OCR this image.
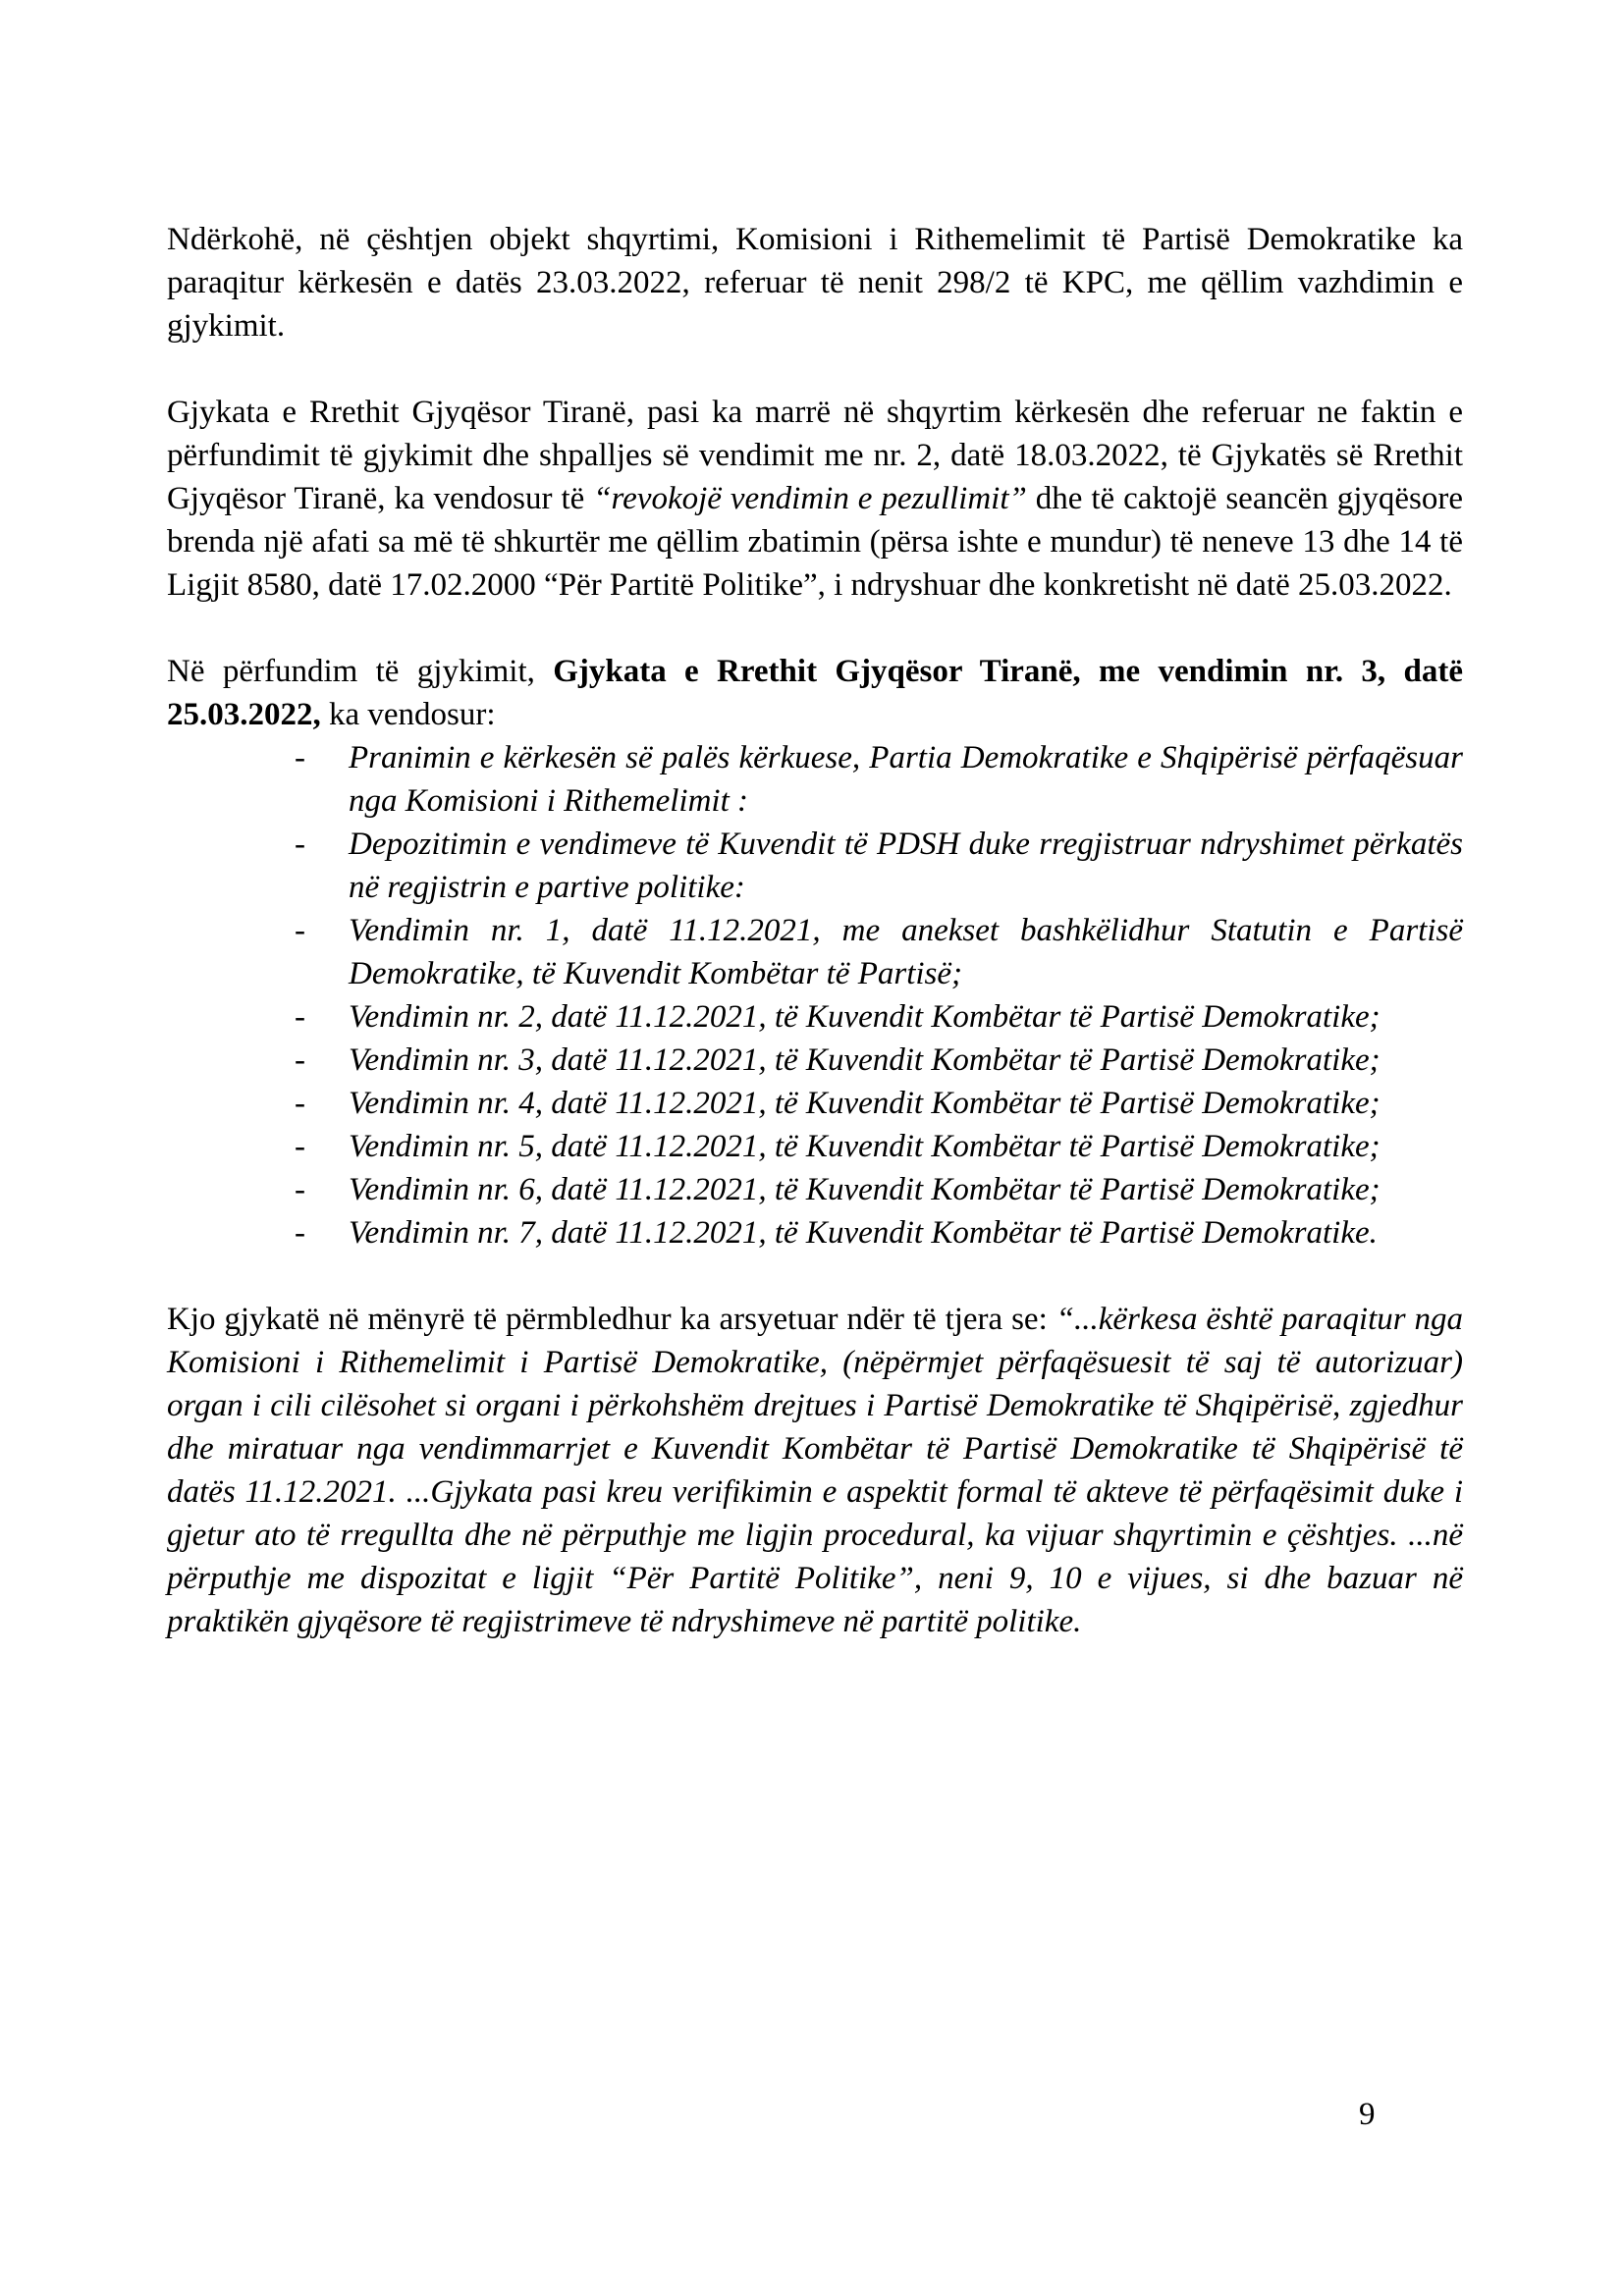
Ndërkohë, në çështjen objekt shqyrtimi, Komisioni i Rithemelimit të Partisë Demokratike ka paraqitur kërkesën e datës 23.03.2022, referuar të nenit 298/2 të KPC, me qëllim vazhdimin e gjykimit.

Gjykata e Rrethit Gjyqësor Tiranë, pasi ka marrë në shqyrtim kërkesën dhe referuar ne faktin e përfundimit të gjykimit dhe shpalljes së vendimit me nr. 2, datë 18.03.2022, të Gjykatës së Rrethit Gjyqësor Tiranë, ka vendosur të “revokojë vendimin e pezullimit” dhe të caktojë seancën gjyqësore brenda një afati sa më të shkurtër me qëllim zbatimin (përsa ishte e mundur) të neneve 13 dhe 14 të Ligjit 8580, datë 17.02.2000 “Për Partitë Politike”, i ndryshuar dhe konkretisht në datë 25.03.2022.

Në përfundim të gjykimit, Gjykata e Rrethit Gjyqësor Tiranë, me vendimin nr. 3, datë 25.03.2022, ka vendosur:

-	Pranimin e kërkesën së palës kërkuese, Partia Demokratike e Shqipërisë përfaqësuar nga Komisioni i Rithemelimit :
-	Depozitimin e vendimeve të Kuvendit të PDSH duke rregjistruar ndryshimet përkatës në regjistrin e partive politike:
-	Vendimin nr. 1, datë 11.12.2021, me anekset bashkëlidhur Statutin e Partisë Demokratike, të Kuvendit Kombëtar të Partisë;
-	Vendimin nr. 2, datë 11.12.2021, të Kuvendit Kombëtar të Partisë Demokratike;
-	Vendimin nr. 3, datë 11.12.2021, të Kuvendit Kombëtar të Partisë Demokratike;
-	Vendimin nr. 4, datë 11.12.2021, të Kuvendit Kombëtar të Partisë Demokratike;
-	Vendimin nr. 5, datë 11.12.2021, të Kuvendit Kombëtar të Partisë Demokratike;
-	Vendimin nr. 6, datë 11.12.2021, të Kuvendit Kombëtar të Partisë Demokratike;
-	Vendimin nr. 7, datë 11.12.2021, të Kuvendit Kombëtar të Partisë Demokratike.

Kjo gjykatë në mënyrë të përmbledhur ka arsyetuar ndër të tjera se: “...kërkesa është paraqitur nga Komisioni i Rithemelimit i Partisë Demokratike, (nëpërmjet përfaqësuesit të saj të autorizuar) organ i cili cilësohet si organi i përkohshëm drejtues i Partisë Demokratike të Shqipërisë, zgjedhur dhe miratuar nga vendimmarrjet e Kuvendit Kombëtar të Partisë Demokratike të Shqipërisë të datës 11.12.2021. ...Gjykata pasi kreu verifikimin e aspektit formal të akteve të përfaqësimit duke i gjetur ato të rregullta dhe në përputhje me ligjin procedural, ka vijuar shqyrtimin e çështjes. ...në përputhje me dispozitat e ligjit “Për Partitë Politike”, neni 9, 10 e vijues, si dhe bazuar në praktikën gjyqësore të regjistrimeve të ndryshimeve në partitë politike.

9
